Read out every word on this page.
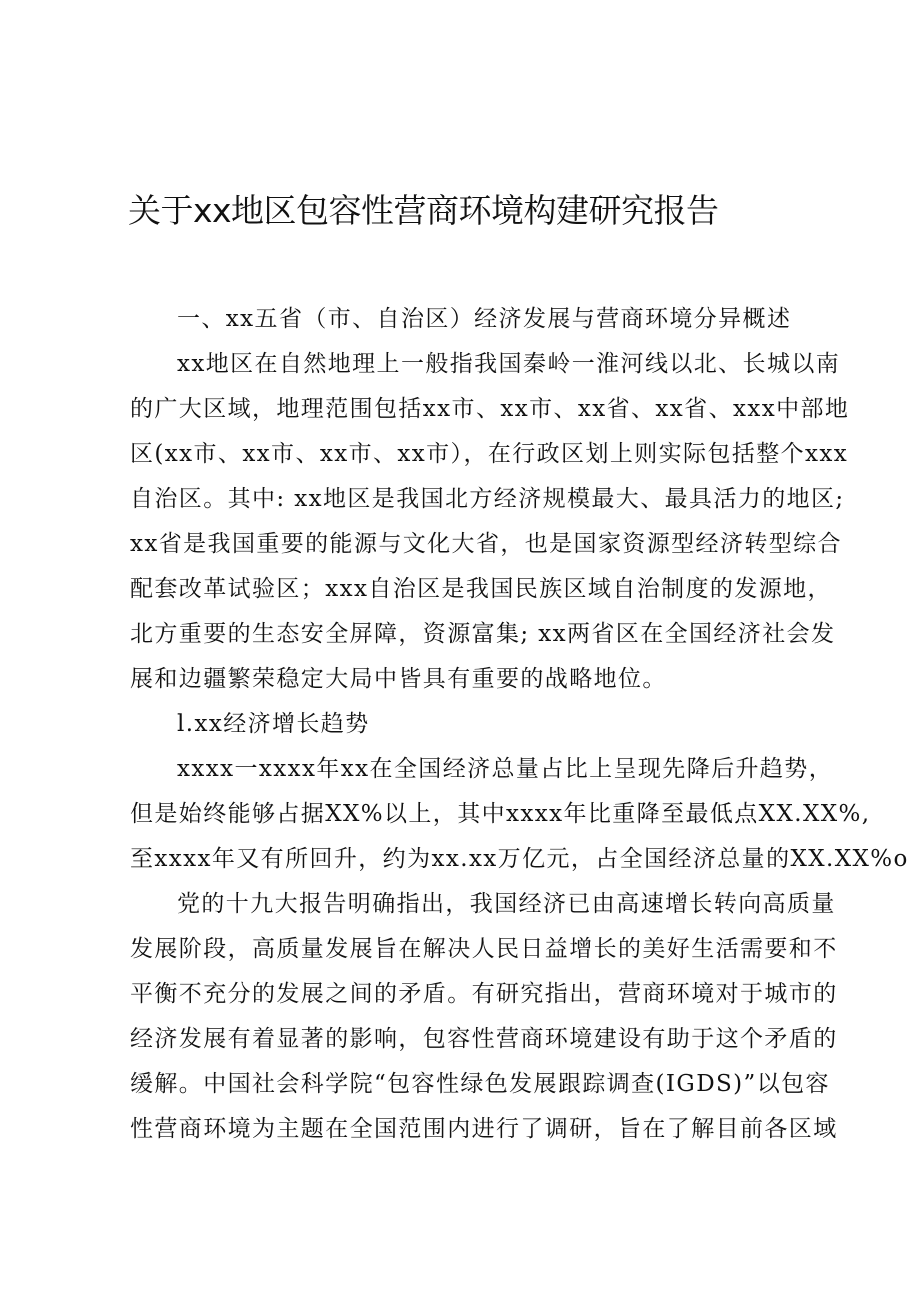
关于xx地区包容性营商环境构建研究报告
一、xx五省（市、自治区）经济发展与营商环境分异概述
xx地区在自然地理上一般指我国秦岭一淮河线以北、长城以南
的广大区域，地理范围包括xx市、xx市、xx省、xx省、xxx中部地
区(xx市、xx市、xx市、xx市），在行政区划上则实际包括整个xxx
自治区。其中: xx地区是我国北方经济规模最大、最具活力的地区;
xx省是我国重要的能源与文化大省，也是国家资源型经济转型综合
配套改革试验区；xxx自治区是我国民族区域自治制度的发源地，
北方重要的生态安全屏障，资源富集; xx两省区在全国经济社会发
展和边疆繁荣稳定大局中皆具有重要的战略地位。
l.xx经济增长趋势
xxxx一xxxx年xx在全国经济总量占比上呈现先降后升趋势，
但是始终能够占据XX%以上，其中xxxx年比重降至最低点XX.XX%,
至xxxx年又有所回升，约为xx.xx万亿元，占全国经济总量的XX.XX%o
党的十九大报告明确指出，我国经济已由高速增长转向高质量
发展阶段，高质量发展旨在解决人民日益增长的美好生活需要和不
平衡不充分的发展之间的矛盾。有研究指出，营商环境对于城市的
经济发展有着显著的影响，包容性营商环境建设有助于这个矛盾的
缓解。中国社会科学院“包容性绿色发展跟踪调查(IGDS)”以包容
性营商环境为主题在全国范围内进行了调研，旨在了解目前各区域
